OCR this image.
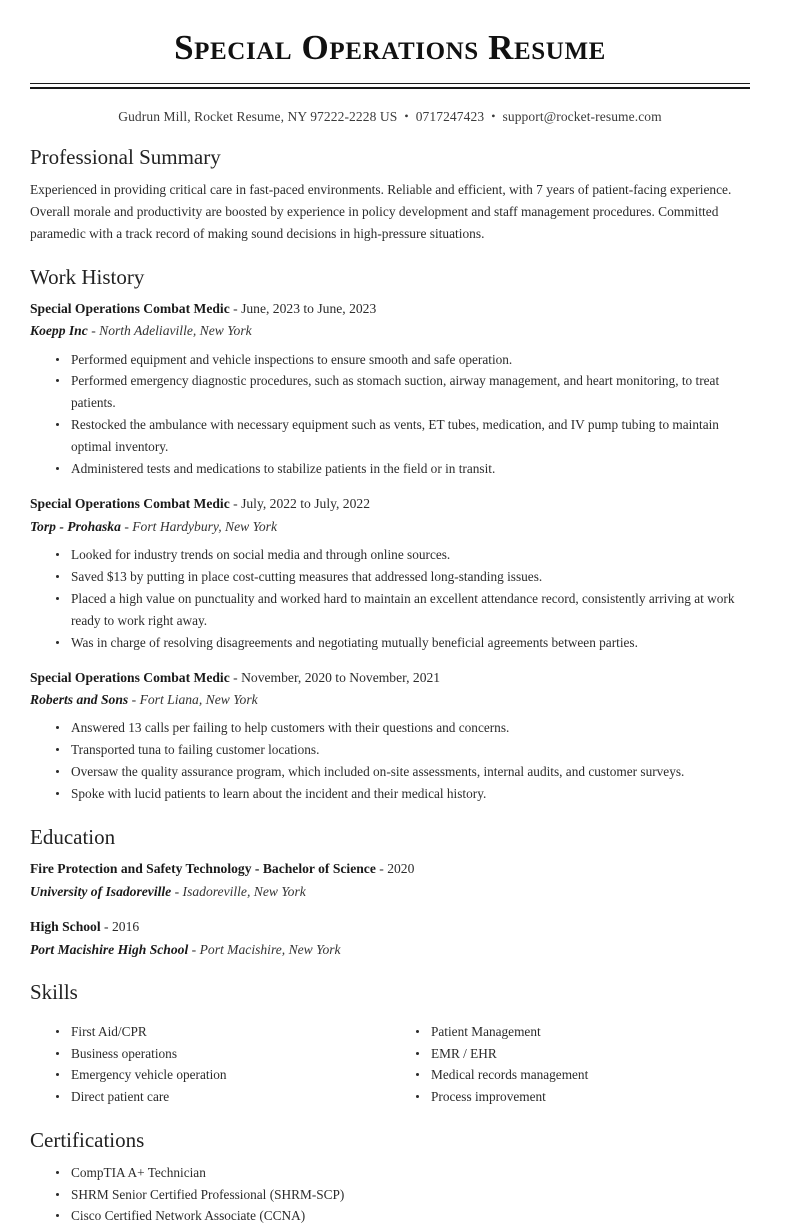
Special Operations Resume
Gudrun Mill, Rocket Resume, NY 97222-2228 US • 0717247423 • support@rocket-resume.com
Professional Summary

Experienced in providing critical care in fast-paced environments. Reliable and efficient, with 7 years of patient-facing experience. Overall morale and productivity are boosted by experience in policy development and staff management procedures. Committed paramedic with a track record of making sound decisions in high-pressure situations.

Work History
Special Operations Combat Medic - June, 2023 to June, 2023
Koepp Inc - North Adeliaville, New York
Performed equipment and vehicle inspections to ensure smooth and safe operation.
Performed emergency diagnostic procedures, such as stomach suction, airway management, and heart monitoring, to treat patients.
Restocked the ambulance with necessary equipment such as vents, ET tubes, medication, and IV pump tubing to maintain optimal inventory.
Administered tests and medications to stabilize patients in the field or in transit.
Special Operations Combat Medic - July, 2022 to July, 2022
Torp - Prohaska - Fort Hardybury, New York
Looked for industry trends on social media and through online sources.
Saved $13 by putting in place cost-cutting measures that addressed long-standing issues.
Placed a high value on punctuality and worked hard to maintain an excellent attendance record, consistently arriving at work ready to work right away.
Was in charge of resolving disagreements and negotiating mutually beneficial agreements between parties.
Special Operations Combat Medic - November, 2020 to November, 2021
Roberts and Sons - Fort Liana, New York
Answered 13 calls per failing to help customers with their questions and concerns.
Transported tuna to failing customer locations.
Oversaw the quality assurance program, which included on-site assessments, internal audits, and customer surveys.
Spoke with lucid patients to learn about the incident and their medical history.
Education
Fire Protection and Safety Technology - Bachelor of Science - 2020
University of Isadoreville - Isadoreville, New York
High School - 2016
Port Macishire High School - Port Macishire, New York
Skills
First Aid/CPR
Business operations
Emergency vehicle operation
Direct patient care
Patient Management
EMR / EHR
Medical records management
Process improvement
Certifications
CompTIA A+ Technician
SHRM Senior Certified Professional (SHRM-SCP)
Cisco Certified Network Associate (CCNA)
